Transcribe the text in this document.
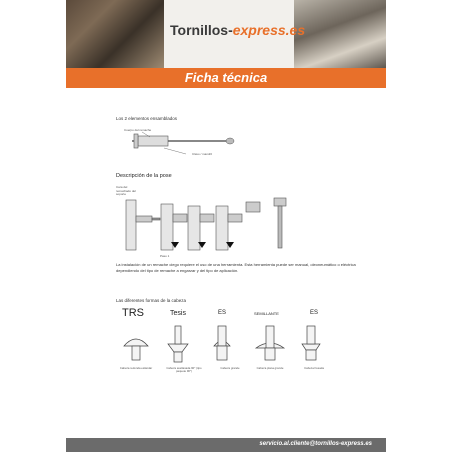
Tornillos-express.es
Ficha técnica
Los 2 elementos ensamblados
Cuerpo del remache
Clavo / mandril
Descripción de la pose
Cara del remachado del soporte
Paso 1
La instalación de un remache ciego requiere el uso de una herramienta. Esta herramienta puede ser manual, oleoneumático o eléctrica dependiendo del tipo de remache a engarzar y del tipo de aplicación.
Las diferentes formas de la cabeza
TRS	Tesis	ES	SEMILLANTE	ES
Cabeza redonda estándar	Cabeza avellanada 90° (tipo paquete 90°)
Cabeza grande	Cabeza plana grande	Cabeza fresada
servicio.al.cliente@tornillos-express.es
